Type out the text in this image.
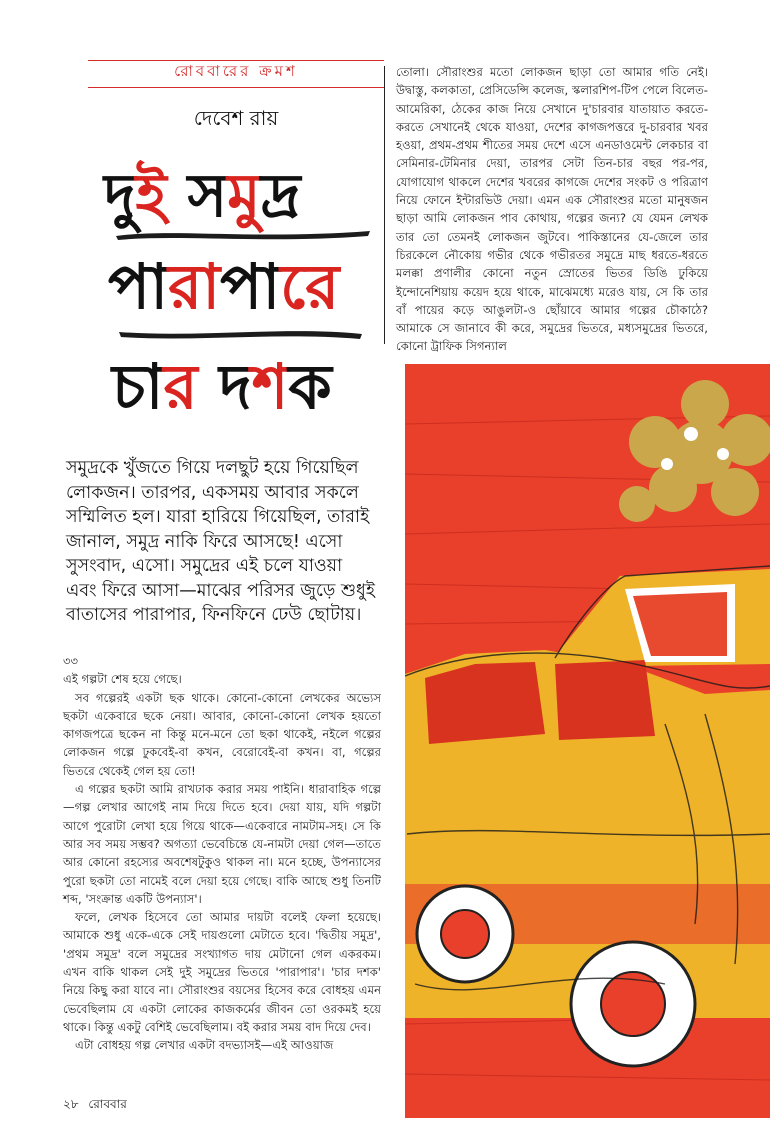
রোববারের ক্রমশ
দেবেশ রায়
দুই সমুদ্র
পারাপারে
চার দশক
সমুদ্রকে খুঁজতে গিয়ে দলছুট হয়ে গিয়েছিল লোকজন। তারপর, একসময় আবার সকলে সম্মিলিত হল। যারা হারিয়ে গিয়েছিল, তারাই জানাল, সমুদ্র নাকি ফিরে আসছে! এসো সুসংবাদ, এসো। সমুদ্রের এই চলে যাওয়া এবং ফিরে আসা—মাঝের পরিসর জুড়ে শুধুই বাতাসের পারাপার, ফিনফিনে ঢেউ ছোটায়।

৩৩

এই গল্পটা শেষ হয়ে গেছে।

সব গল্পেরই একটা ছক থাকে। কোনো-কোনো লেখকের অভ্যেস ছকটা একেবারে ছকে নেয়া। আবার, কোনো-কোনো লেখক হয়তো কাগজপত্রে ছকেন না কিন্তু মনে-মনে তো ছকা থাকেই, নইলে গল্পের লোকজন গল্পে ঢুকবেই-বা কখন, বেরোবেই-বা কখন। বা, গল্পের ভিতরে থেকেই গেল হয় তো!

এ গল্পের ছকটা আমি রাখঢাক করার সময় পাইনি। ধারাবাহিক গল্পে—গল্প লেখার আগেই নাম দিয়ে দিতে হবে। দেয়া যায়, যদি গল্পটা আগে পুরোটা লেখা হয়ে গিয়ে থাকে—একেবারে নামটাম-সহ। সে কি আর সব সময় সম্ভব? অগত্যা ভেবেচিন্তে যে-নামটা দেয়া গেল—তাতে আর কোনো রহস্যের অবশেষটুকুও থাকল না। মনে হচ্ছে, উপন্যাসের পুরো ছকটা তো নামেই বলে দেয়া হয়ে গেছে। বাকি আছে শুধু তিনটি শব্দ, 'সংক্রান্ত একটি উপন্যাস'।

ফলে, লেখক হিসেবে তো আমার দায়টা বলেই ফেলা হয়েছে। আমাকে শুধু একে-একে সেই দায়গুলো মেটাতে হবে। 'দ্বিতীয় সমুদ্র', 'প্রথম সমুদ্র' বলে সমুদ্রের সংখ্যাগত দায় মেটানো গেল একরকম। এখন বাকি থাকল সেই দুই সমুদ্রের ভিতরে 'পারাপার'। 'চার দশক' নিয়ে কিছু করা যাবে না। সৌরাংশুর বয়সের হিসেব করে বোধহয় এমন ভেবেছিলাম যে একটা লোকের কাজকর্মের জীবন তো ওরকমই হয়ে থাকে। কিন্তু একটু বেশিই ভেবেছিলাম। বই করার সময় বাদ দিয়ে দেব।

এটা বোধহয় গল্প লেখার একটা বদভ্যাসই—এই আওয়াজ

তোলা। সৌরাংশুর মতো লোকজন ছাড়া তো আমার গতি নেই। উদ্বাস্তু, কলকাতা, প্রেসিডেন্সি কলেজ, স্কলারশিপ-টিপ পেলে বিলেত-আমেরিকা, ঠেকের কাজ নিয়ে সেখানে দু'চারবার যাতায়াত করতে-করতে সেখানেই থেকে যাওয়া, দেশের কাগজপত্তরে দু-চারবার খবর হওয়া, প্রথম-প্রথম শীতের সময় দেশে এসে এনডাওমেন্ট লেকচার বা সেমিনার-টেমিনার দেয়া, তারপর সেটা তিন-চার বছর পর-পর, যোগাযোগ থাকলে দেশের খবরের কাগজে দেশের সংকট ও পরিত্রাণ নিয়ে ফোনে ইন্টারভিউ দেয়া। এমন এক সৌরাংশুর মতো মানুষজন ছাড়া আমি লোকজন পাব কোথায়, গল্পের জন্য? যে যেমন লেখক তার তো তেমনই লোকজন জুটবে। পাকিস্তানের যে-জেলে তার চিরকেলে নৌকোয় গভীর থেকে গভীরতর সমুদ্রে মাছ ধরতে-ধরতে মলক্কা প্রণালীর কোনো নতুন স্রোতের ভিতর ডিঙি ঢুকিয়ে ইন্দোনেশিয়ায় কয়েদ হয়ে থাকে, মাঝেমধ্যে মরেও যায়, সে কি তার বাঁ পায়ের কড়ে আঙুলটা-ও ছোঁয়াবে আমার গল্পের চৌকাঠে? আমাকে সে জানাবে কী করে, সমুদ্রের ভিতরে, মধ্যসমুদ্রের ভিতরে, কোনো ট্রাফিক সিগন্যাল
২৮ রোববার
